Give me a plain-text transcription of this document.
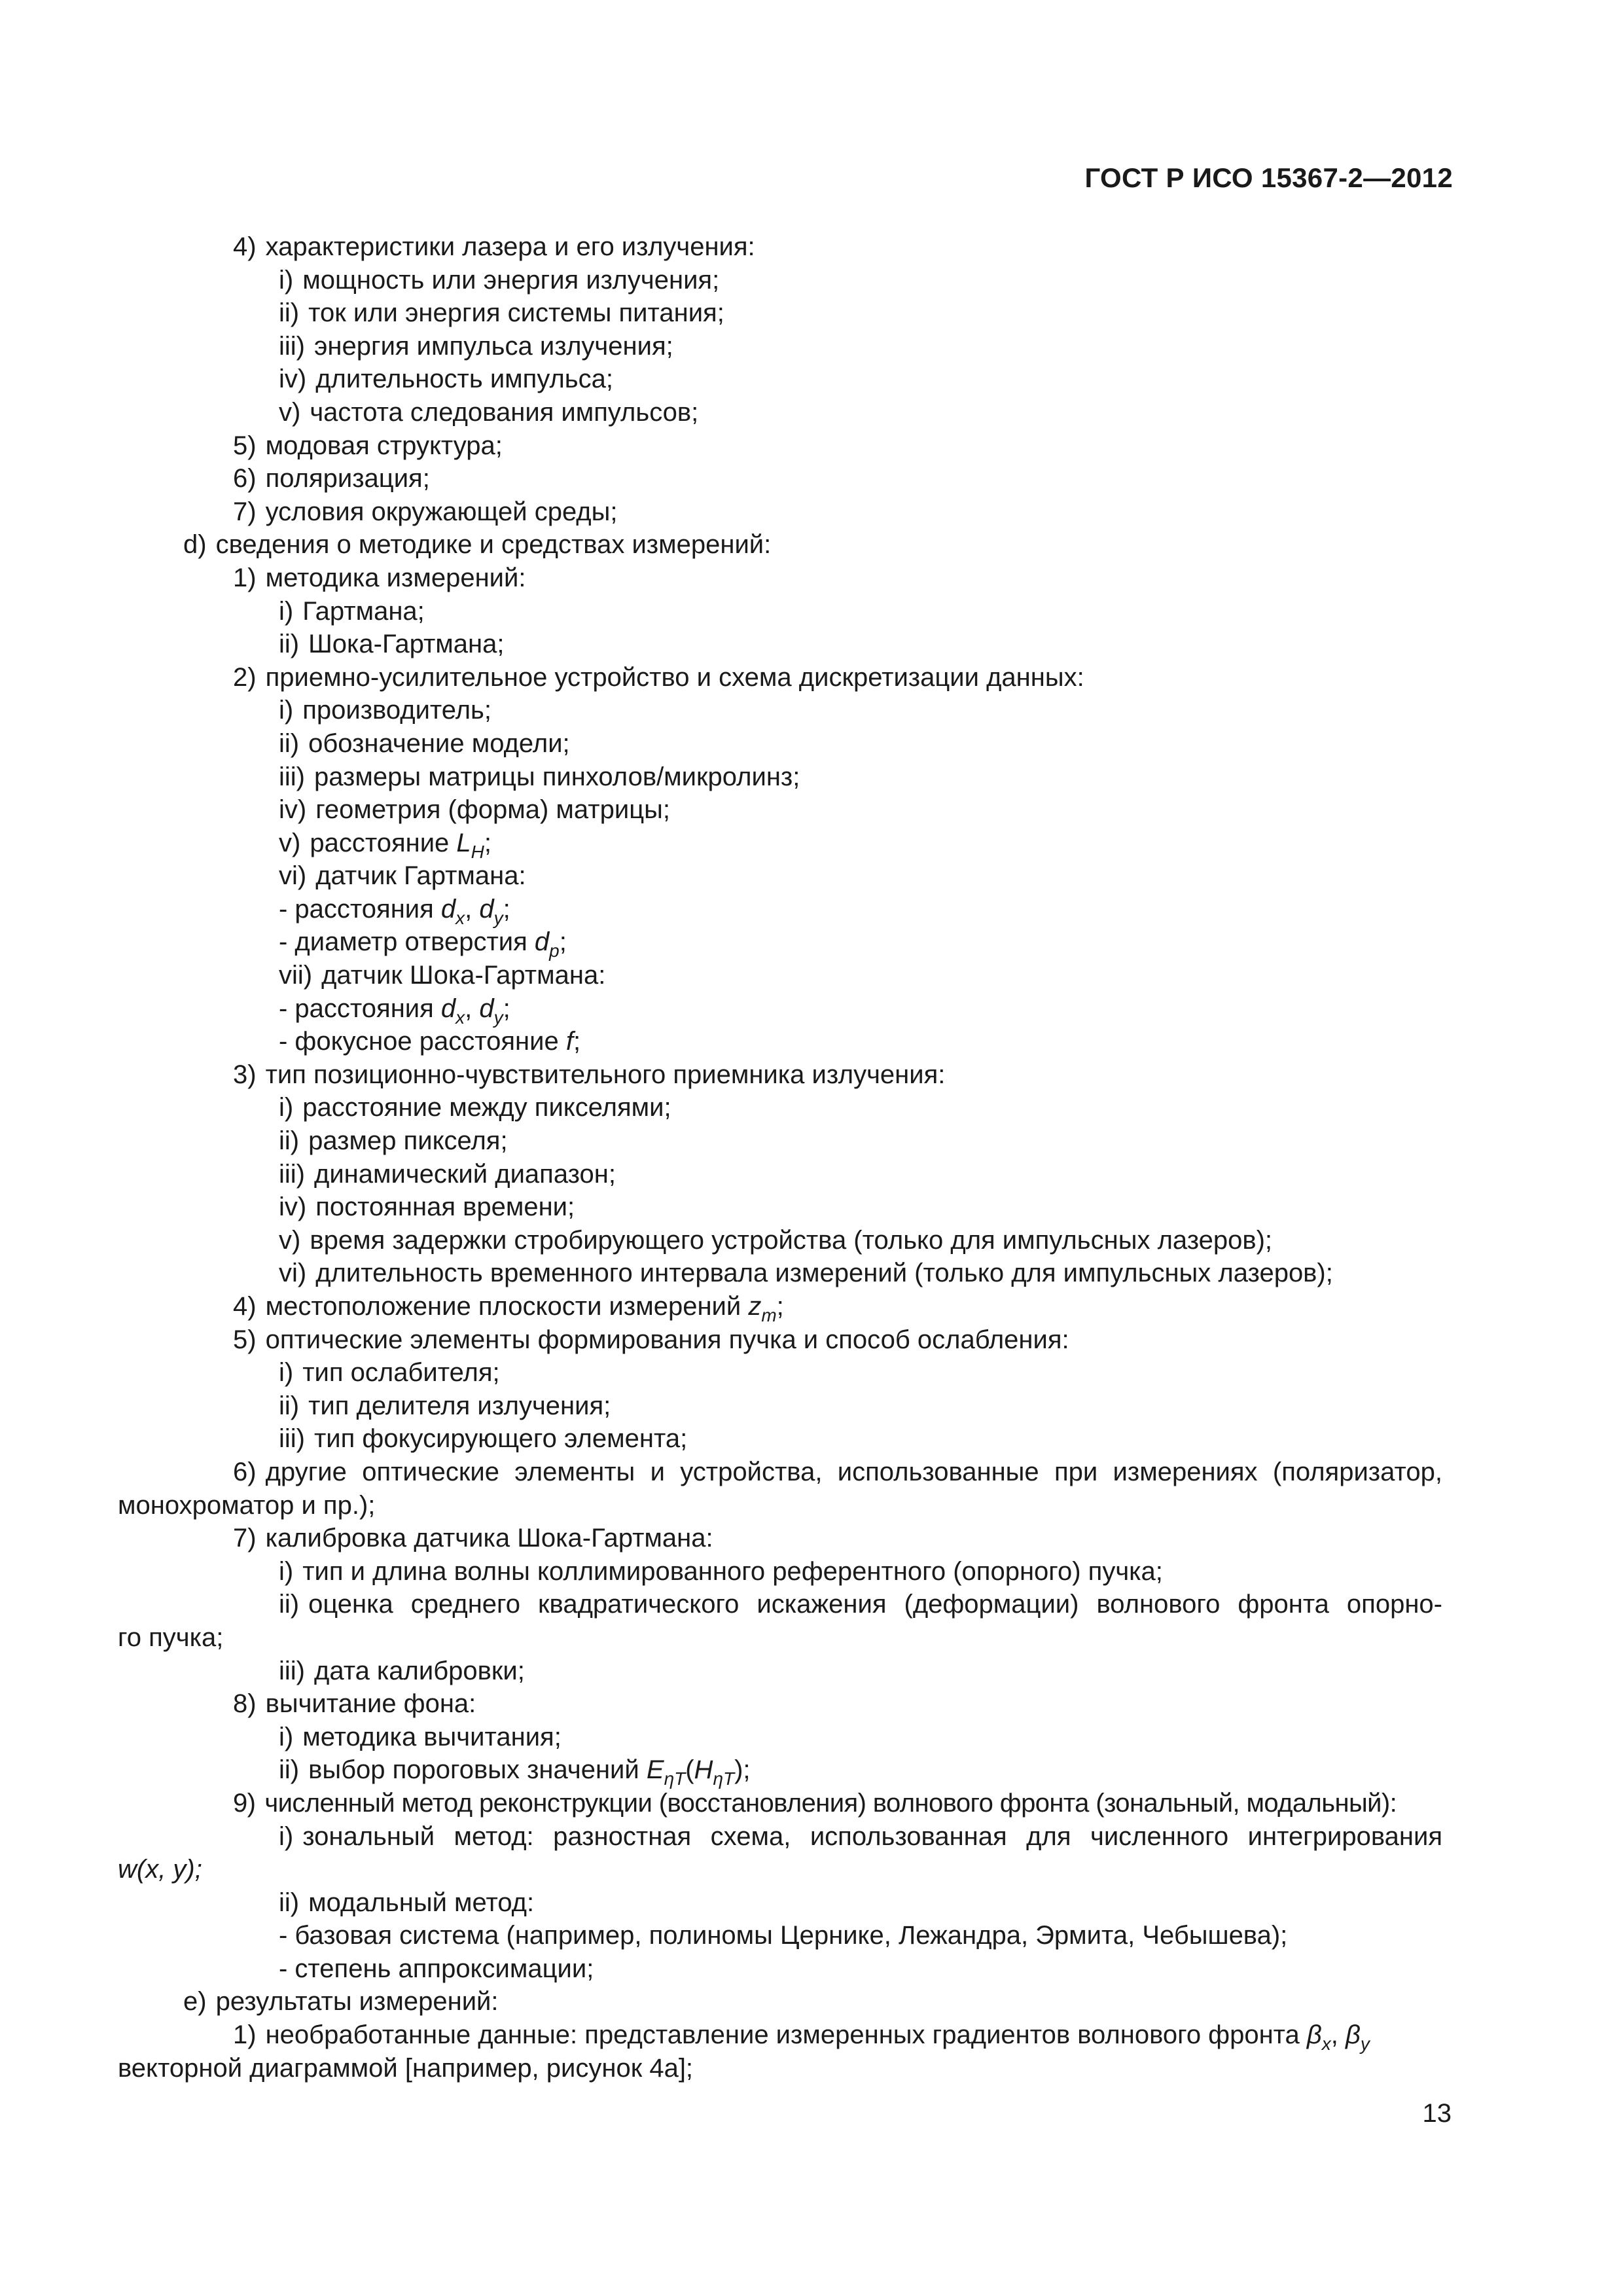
ГОСТ Р ИСО 15367-2—2012
4) характеристики лазера и его излучения:
i) мощность или энергия излучения;
ii) ток или энергия системы питания;
iii) энергия импульса излучения;
iv) длительность импульса;
v) частота следования импульсов;
5) модовая структура;
6) поляризация;
7) условия окружающей среды;
d) сведения о методике и средствах измерений:
1) методика измерений:
i) Гартмана;
ii) Шока-Гартмана;
2) приемно-усилительное устройство и схема дискретизации данных:
i) производитель;
ii) обозначение модели;
iii) размеры матрицы пинхолов/микролинз;
iv) геометрия (форма) матрицы;
v) расстояние $L_H$;
vi) датчик Гартмана:
- расстояния $d_x$, $d_y$;
- диаметр отверстия $d_p$;
vii) датчик Шока-Гартмана:
- расстояния $d_x$, $d_y$;
- фокусное расстояние f;
3) тип позиционно-чувствительного приемника излучения:
i) расстояние между пикселями;
ii) размер пикселя;
iii) динамический диапазон;
iv) постоянная времени;
v) время задержки стробирующего устройства (только для импульсных лазеров);
vi) длительность временного интервала измерений (только для импульсных лазеров);
4) местоположение плоскости измерений $z_m$;
5) оптические элементы формирования пучка и способ ослабления:
i) тип ослабителя;
ii) тип делителя излучения;
iii) тип фокусирующего элемента;
6) другие оптические элементы и устройства, использованные при измерениях (поляризатор,
монохроматор и пр.);
7) калибровка датчика Шока-Гартмана:
i) тип и длина волны коллимированного референтного (опорного) пучка;
ii) оценка среднего квадратического искажения (деформации) волнового фронта опорно-
го пучка;
iii) дата калибровки;
8) вычитание фона:
i) методика вычитания;
ii) выбор пороговых значений $E_{\eta T}(H_{\eta T})$;
9) численный метод реконструкции (восстановления) волнового фронта (зональный, модальный):
i) зональный метод: разностная схема, использованная для численного интегрирования
w(x, y);
ii) модальный метод:
- базовая система (например, полиномы Цернике, Лежандра, Эрмита, Чебышева);
- степень аппроксимации;
e) результаты измерений:
1) необработанные данные: представление измеренных градиентов волнового фронта $\beta_x$, $\beta_y$
векторной диаграммой [например, рисунок 4a];
13
